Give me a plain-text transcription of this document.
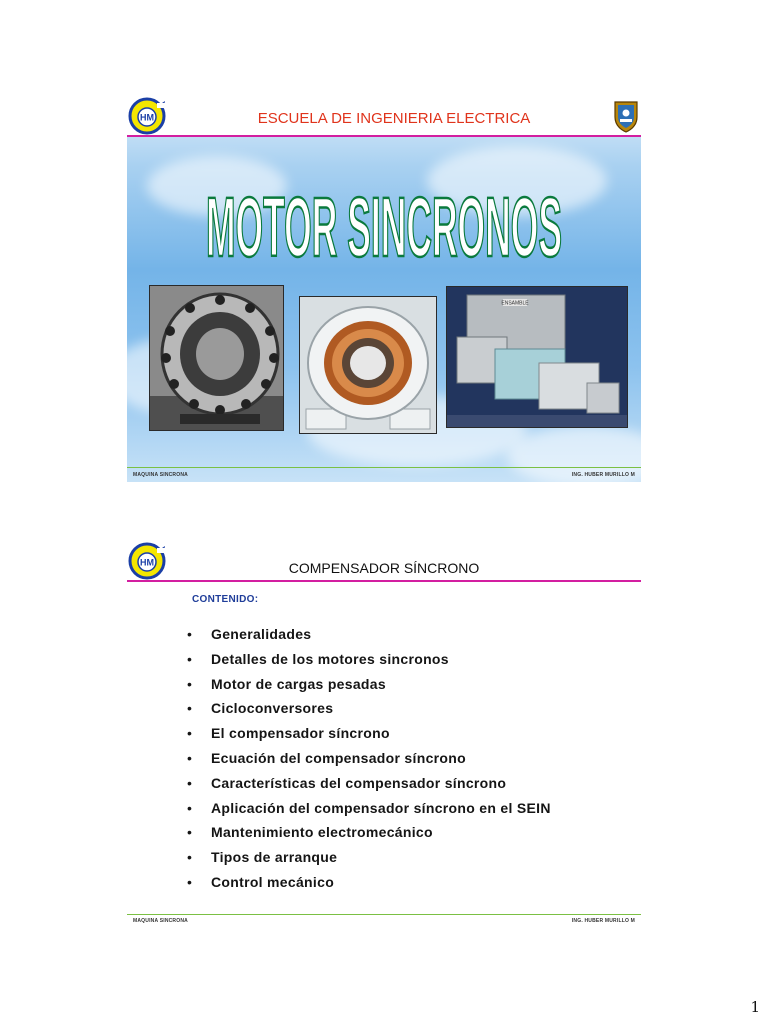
HM	ESCUELA DE INGENIERIA ELECTRICA
MOTOR SINCRONOS
ENSAMBLE
MAQUINA SINCRONA	ING. HUBER MURILLO M
HM	COMPENSADOR SÍNCRONO
CONTENIDO:
• Generalidades
• Detalles de los motores sincronos
• Motor de cargas pesadas
• Cicloconversores
• El compensador síncrono
• Ecuación del compensador síncrono
• Características del compensador síncrono
• Aplicación del compensador síncrono en el SEIN
• Mantenimiento electromecánico
• Tipos de arranque
• Control mecánico
MAQUINA SINCRONA	ING. HUBER MURILLO M
1
